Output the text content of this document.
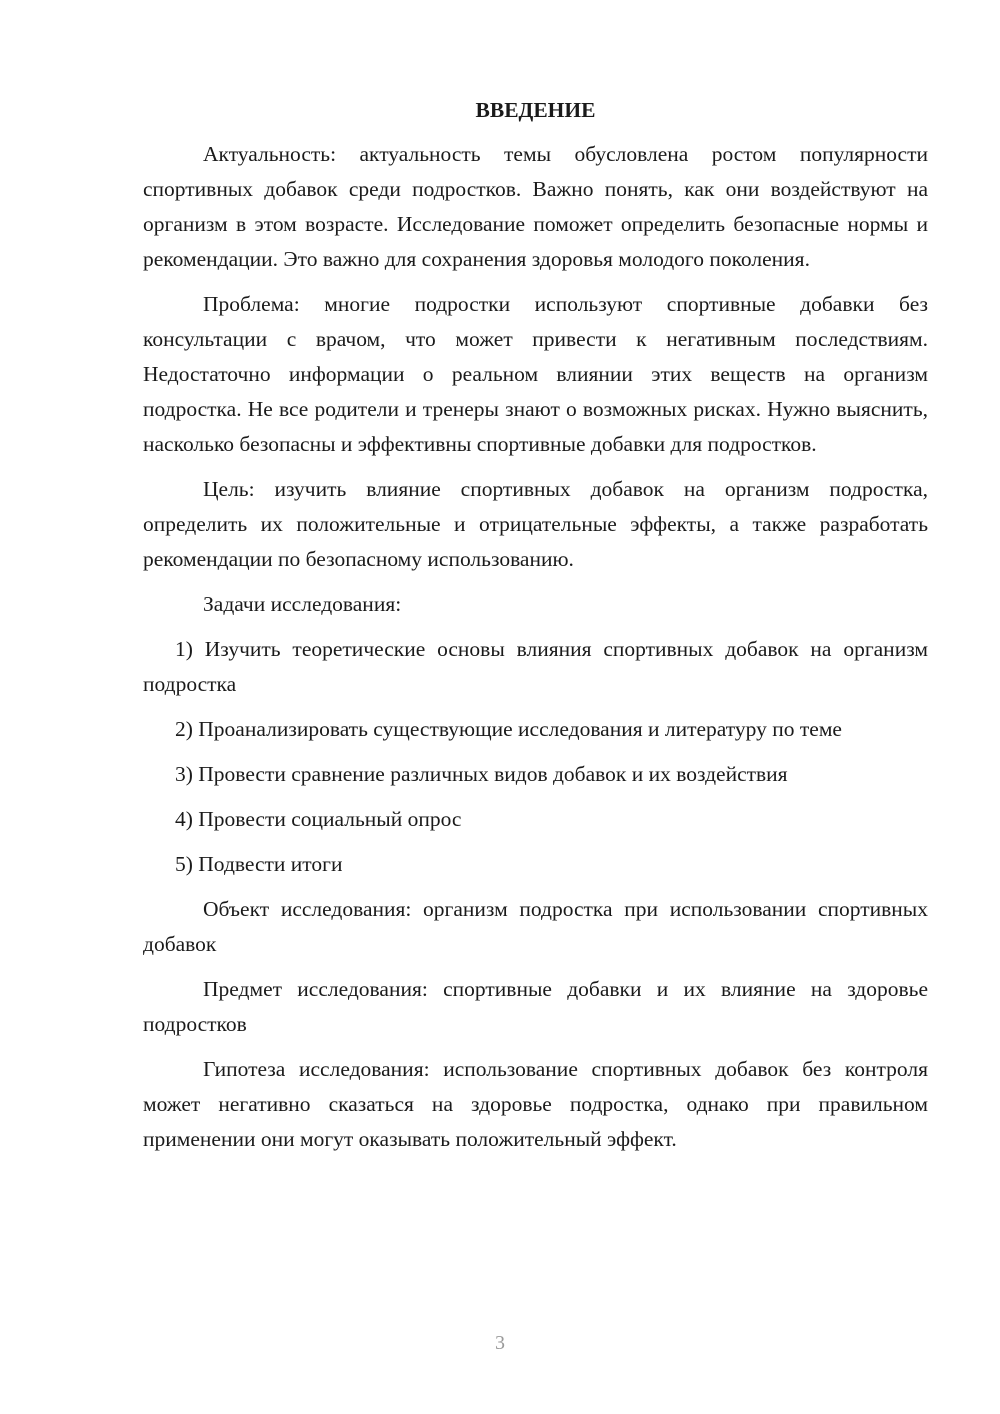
ВВЕДЕНИЕ

Актуальность: актуальность темы обусловлена ростом популярности спортивных добавок среди подростков. Важно понять, как они воздействуют на организм в этом возрасте. Исследование поможет определить безопасные нормы и рекомендации. Это важно для сохранения здоровья молодого поколения.

Проблема: многие подростки используют спортивные добавки без консультации с врачом, что может привести к негативным последствиям. Недостаточно информации о реальном влиянии этих веществ на организм подростка. Не все родители и тренеры знают о возможных рисках. Нужно выяснить, насколько безопасны и эффективны спортивные добавки для подростков.

Цель: изучить влияние спортивных добавок на организм подростка, определить их положительные и отрицательные эффекты, а также разработать рекомендации по безопасному использованию.

Задачи исследования:

1) Изучить теоретические основы влияния спортивных добавок на организм подростка

2) Проанализировать существующие исследования и литературу по теме

3) Провести сравнение различных видов добавок и их воздействия

4) Провести социальный опрос

5) Подвести итоги

Объект исследования: организм подростка при использовании спортивных добавок

Предмет исследования: спортивные добавки и их влияние на здоровье подростков

Гипотеза исследования: использование спортивных добавок без контроля может негативно сказаться на здоровье подростка, однако при правильном применении они могут оказывать положительный эффект.

3
